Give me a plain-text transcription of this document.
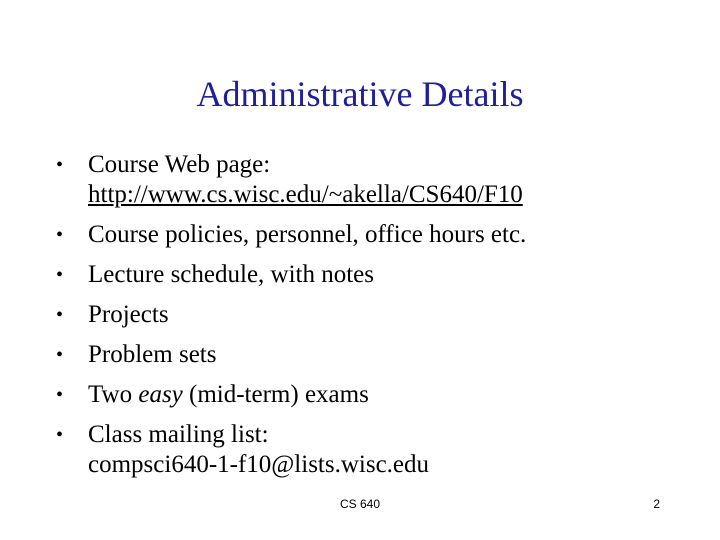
Administrative Details
• Course Web page:
http://www.cs.wisc.edu/~akella/CS640/F10
• Course policies, personnel, office hours etc.
• Lecture schedule, with notes
• Projects
• Problem sets
• Two easy (mid-term) exams
• Class mailing list:
compsci640-1-f10@lists.wisc.edu
CS 640	2
